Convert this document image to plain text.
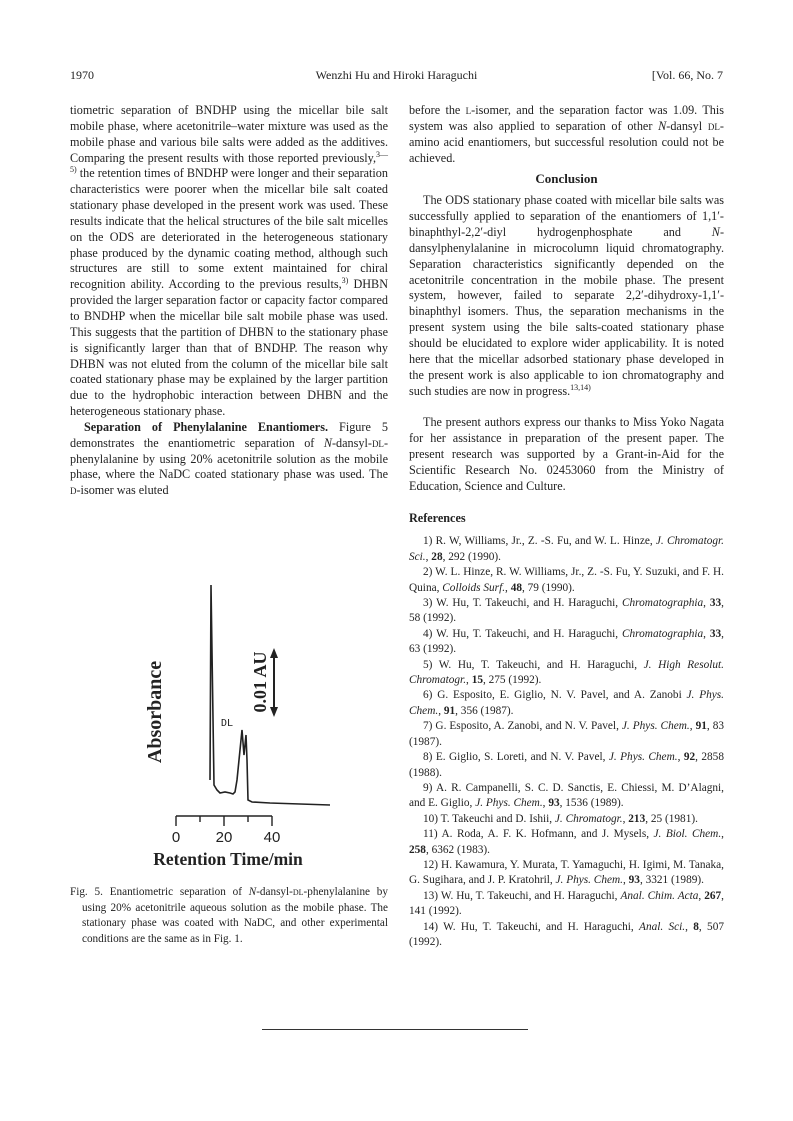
1970	Wenzhi Hu and Hiroki Haraguchi	[Vol. 66, No. 7

tiometric separation of BNDHP using the micellar bile salt mobile phase, where acetonitrile–water mixture was used as the mobile phase and various bile salts were added as the additives. Comparing the present results with those reported previously,$^{3—5)}$ the retention times of BNDHP were longer and their separation characteristics were poorer when the micellar bile salt coated stationary phase developed in the present work was used. These results indicate that the helical structures of the bile salt micelles on the ODS are deteriorated in the heterogeneous stationary phase produced by the dynamic coating method, although such structures are still to some extent maintained for chiral recognition ability. According to the previous results,$^{3)}$ DHBN provided the larger separation factor or capacity factor compared to BNDHP when the micellar bile salt mobile phase was used. This suggests that the partition of DHBN to the stationary phase is significantly larger than that of BNDHP. The reason why DHBN was not eluted from the column of the micellar bile salt coated stationary phase may be explained by the larger partition due to the hydrophobic interaction between DHBN and the heterogeneous stationary phase.

Separation of Phenylalanine Enantiomers. Figure 5 demonstrates the enantiometric separation of N-dansyl-dl-phenylalanine by using 20% acetonitrile solution as the mobile phase, where the NaDC coated stationary phase was used. The d-isomer was eluted

Absorbance	0.01 AU
DL
0 20 40
Retention Time/min

Fig. 5. Enantiometric separation of N-dansyl-dl-phenylalanine by using 20% acetonitrile aqueous solution as the mobile phase. The stationary phase was coated with NaDC, and other experimental conditions are the same as in Fig. 1.

before the l-isomer, and the separation factor was 1.09. This system was also applied to separation of other N-dansyl dl-amino acid enantiomers, but successful resolution could not be achieved.

Conclusion

The ODS stationary phase coated with micellar bile salts was successfully applied to separation of the enantiomers of 1,1′-binaphthyl-2,2′-diyl hydrogenphosphate and N-dansylphenylalanine in microcolumn liquid chromatography. Separation characteristics significantly depended on the acetonitrile concentration in the mobile phase. The present system, however, failed to separate 2,2′-dihydroxy-1,1′-binaphthyl isomers. Thus, the separation mechanisms in the present system using the bile salts-coated stationary phase should be elucidated to explore wider applicability. It is noted here that the micellar adsorbed stationary phase developed in the present work is also applicable to ion chromatography and such studies are now in progress.$^{13,14)}$

The present authors express our thanks to Miss Yoko Nagata for her assistance in preparation of the present paper. The present research was supported by a Grant-in-Aid for the Scientific Research No. 02453060 from the Ministry of Education, Science and Culture.

References

1) R. W, Williams, Jr., Z. -S. Fu, and W. L. Hinze, J. Chromatogr. Sci., 28, 292 (1990).

2) W. L. Hinze, R. W. Williams, Jr., Z. -S. Fu, Y. Suzuki, and F. H. Quina, Colloids Surf., 48, 79 (1990).

3) W. Hu, T. Takeuchi, and H. Haraguchi, Chromatographia, 33, 58 (1992).

4) W. Hu, T. Takeuchi, and H. Haraguchi, Chromatographia, 33, 63 (1992).

5) W. Hu, T. Takeuchi, and H. Haraguchi, J. High Resolut. Chromatogr., 15, 275 (1992).

6) G. Esposito, E. Giglio, N. V. Pavel, and A. Zanobi J. Phys. Chem., 91, 356 (1987).

7) G. Esposito, A. Zanobi, and N. V. Pavel, J. Phys. Chem., 91, 83 (1987).

8) E. Giglio, S. Loreti, and N. V. Pavel, J. Phys. Chem., 92, 2858 (1988).

9) A. R. Campanelli, S. C. D. Sanctis, E. Chiessi, M. D’Alagni, and E. Giglio, J. Phys. Chem., 93, 1536 (1989).

10) T. Takeuchi and D. Ishii, J. Chromatogr., 213, 25 (1981).

11) A. Roda, A. F. K. Hofmann, and J. Mysels, J. Biol. Chem., 258, 6362 (1983).

12) H. Kawamura, Y. Murata, T. Yamaguchi, H. Igimi, M. Tanaka, G. Sugihara, and J. P. Kratohril, J. Phys. Chem., 93, 3321 (1989).

13) W. Hu, T. Takeuchi, and H. Haraguchi, Anal. Chim. Acta, 267, 141 (1992).

14) W. Hu, T. Takeuchi, and H. Haraguchi, Anal. Sci., 8, 507 (1992).
